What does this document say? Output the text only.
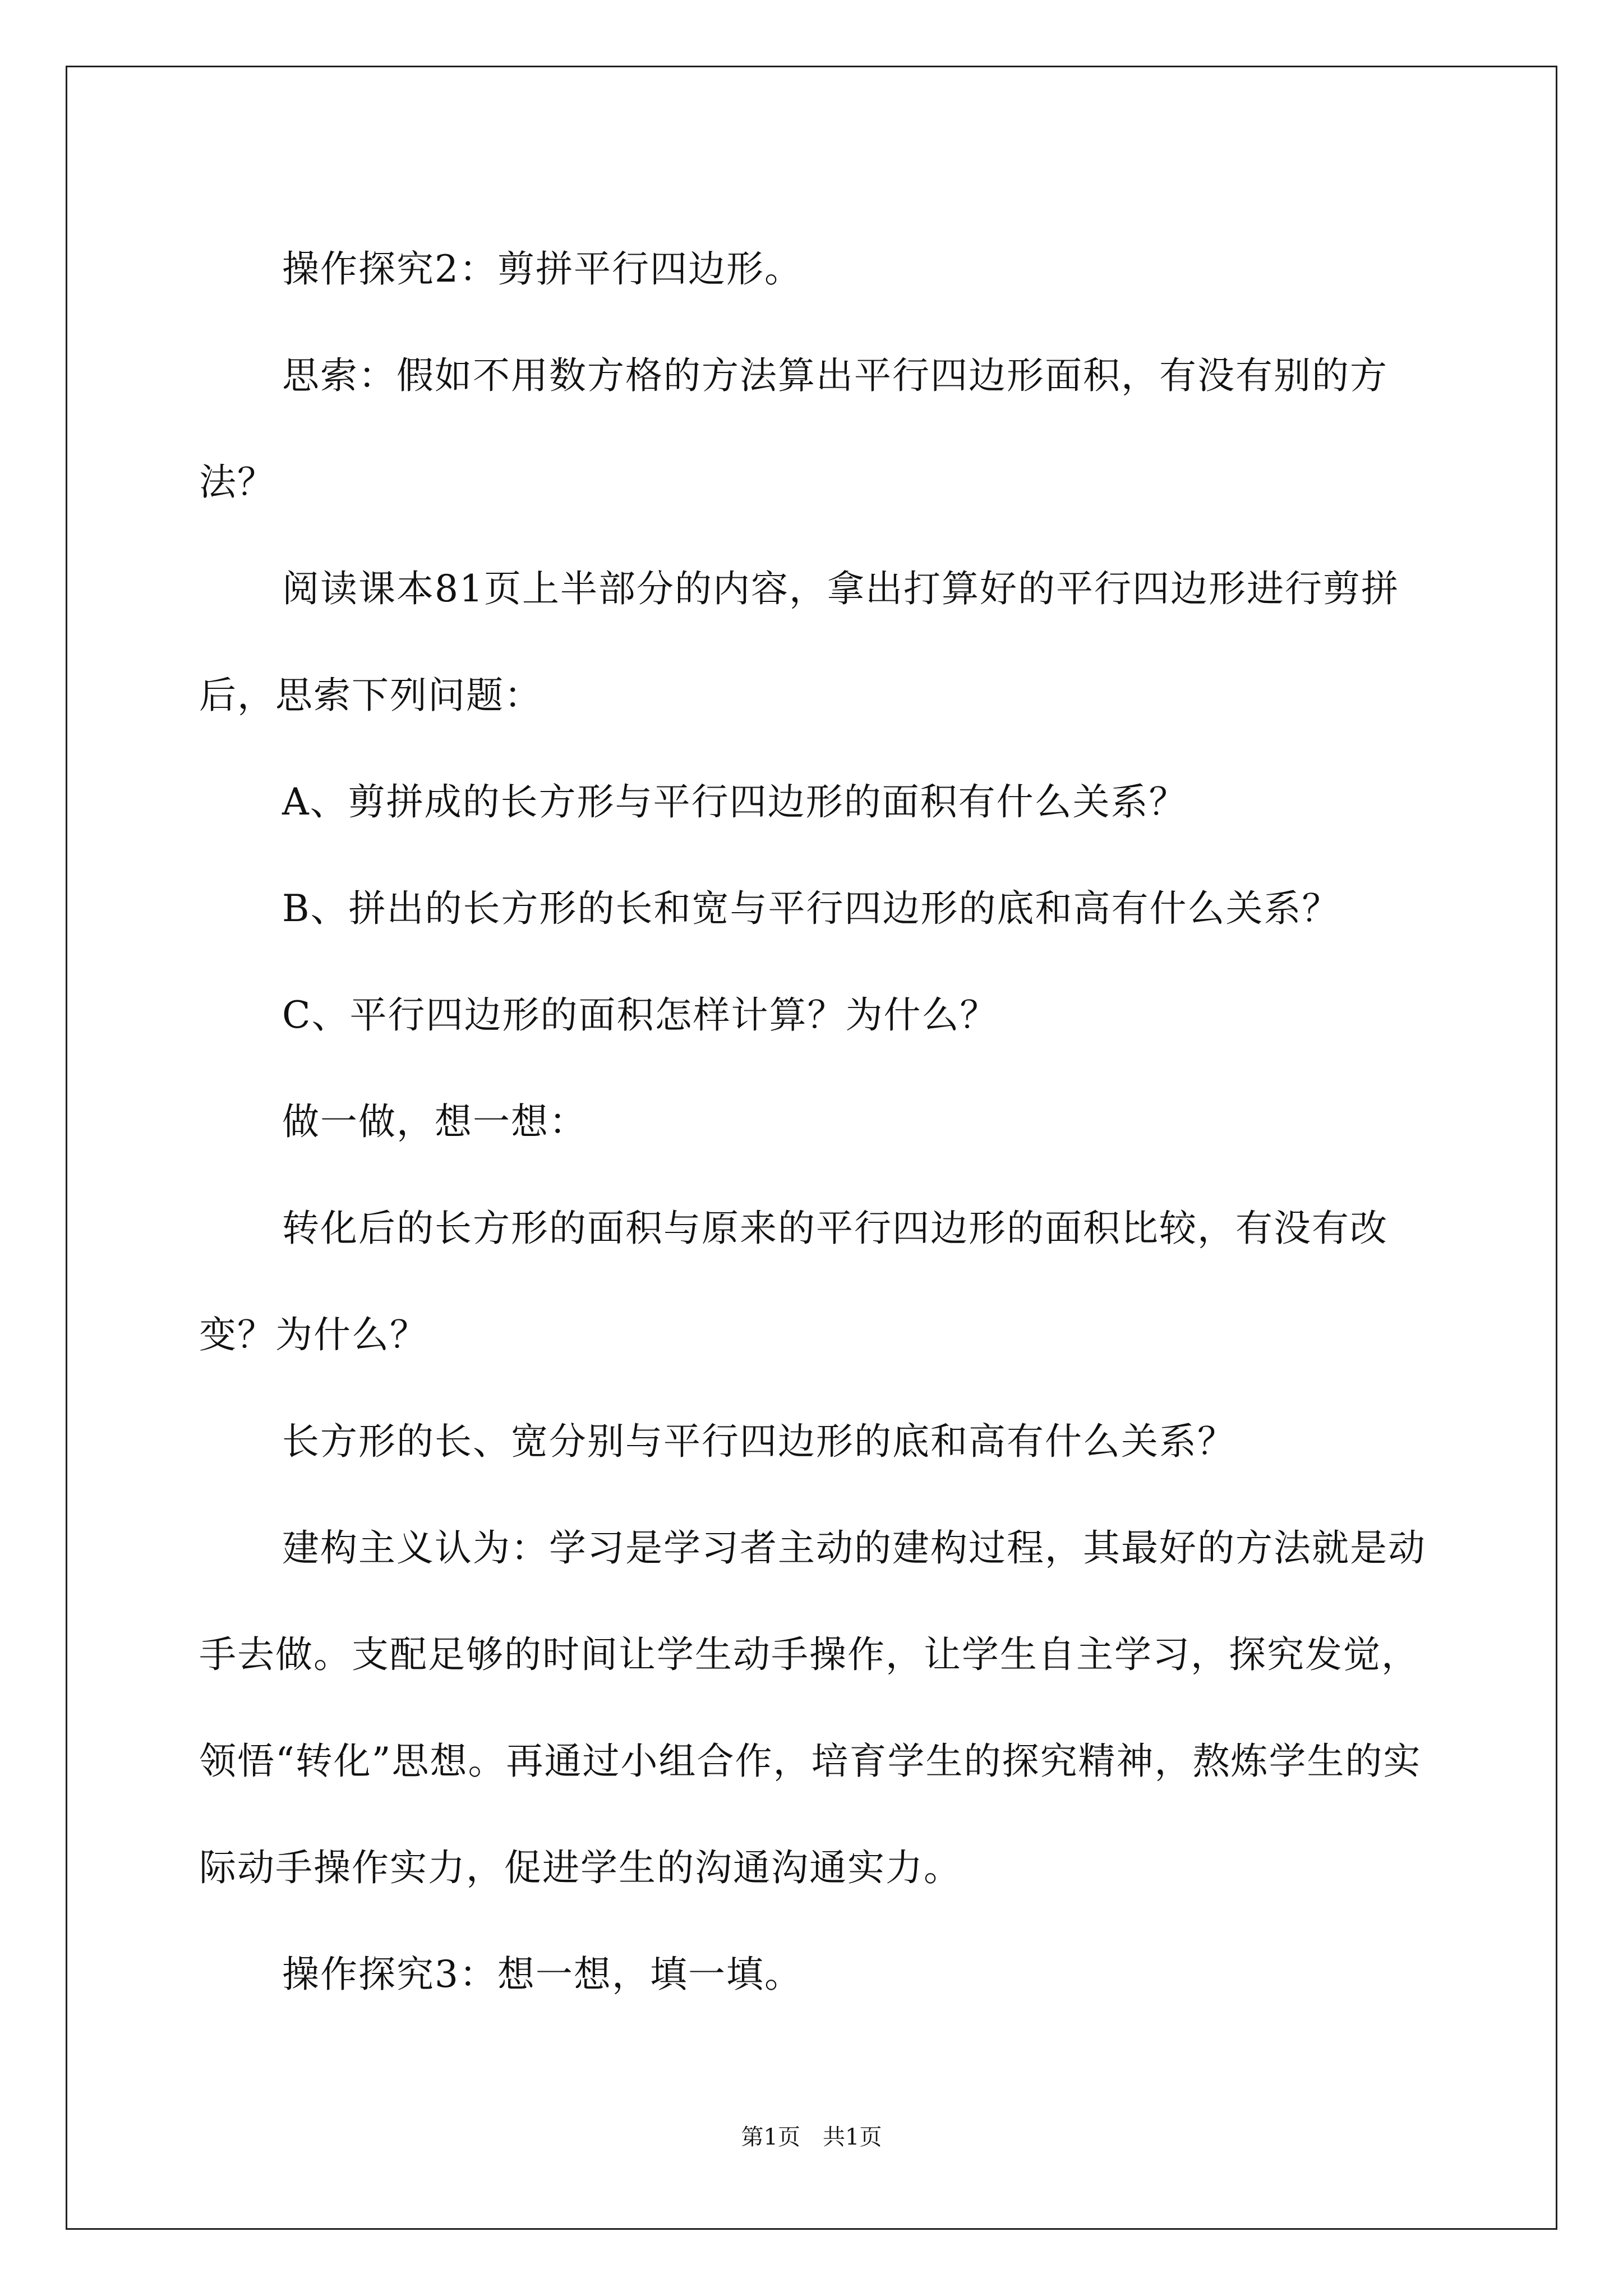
操作探究2：剪拼平行四边形。

思索：假如不用数方格的方法算出平行四边形面积，有没有别的方法？

阅读课本81页上半部分的内容，拿出打算好的平行四边形进行剪拼后，思索下列问题：

A、剪拼成的长方形与平行四边形的面积有什么关系？

B、拼出的长方形的长和宽与平行四边形的底和高有什么关系？

C、平行四边形的面积怎样计算？为什么？

做一做，想一想：

转化后的长方形的面积与原来的平行四边形的面积比较，有没有改变？为什么？

长方形的长、宽分别与平行四边形的底和高有什么关系？

建构主义认为：学习是学习者主动的建构过程，其最好的方法就是动手去做。支配足够的时间让学生动手操作，让学生自主学习，探究发觉，领悟“转化”思想。再通过小组合作，培育学生的探究精神，熬炼学生的实际动手操作实力，促进学生的沟通沟通实力。

操作探究3：想一想，填一填。

第1页　共1页
